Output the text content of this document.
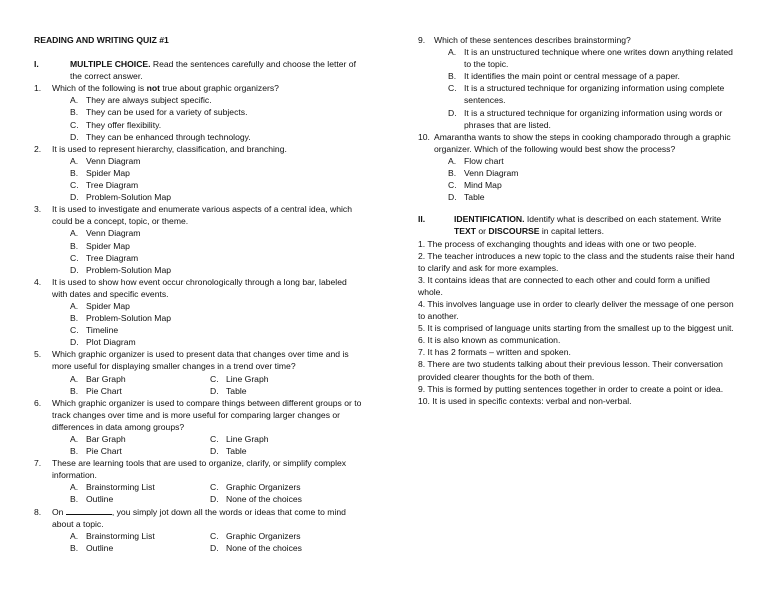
READING AND WRITING QUIZ #1
I.	MULTIPLE CHOICE. Read the sentences carefully and choose the letter of the correct answer.
1.	Which of the following is not true about graphic organizers?
A. They are always subject specific.
B. They can be used for a variety of subjects.
C. They offer flexibility.
D. They can be enhanced through technology.
2.	It is used to represent hierarchy, classification, and branching.
A. Venn Diagram
B. Spider Map
C. Tree Diagram
D. Problem-Solution Map
3.	It is used to investigate and enumerate various aspects of a central idea, which could be a concept, topic, or theme.
A. Venn Diagram
B. Spider Map
C. Tree Diagram
D. Problem-Solution Map
4.	It is used to show how event occur chronologically through a long bar, labeled with dates and specific events.
A. Spider Map
B. Problem-Solution Map
C. Timeline
D. Plot Diagram
5.	Which graphic organizer is used to present data that changes over time and is more useful for displaying smaller changes in a trend over time?
A. Bar Graph	C. Line Graph
B. Pie Chart	D. Table
6.	Which graphic organizer is used to compare things between different groups or to track changes over time and is more useful for comparing larger changes or differences in data among groups?
A. Bar Graph	C. Line Graph
B. Pie Chart	D. Table
7.	These are learning tools that are used to organize, clarify, or simplify complex information.
A. Brainstorming List	C. Graphic Organizers
B. Outline	D. None of the choices
8.	On	, you simply jot down all the words or ideas that come to mind about a topic.
A. Brainstorming List	C. Graphic Organizers
B. Outline	D. None of the choices
9.	Which of these sentences describes brainstorming?
A. It is an unstructured technique where one writes down anything related to the topic.
B. It identifies the main point or central message of a paper.
C. It is a structured technique for organizing information using complete sentences.
D. It is a structured technique for organizing information using words or phrases that are listed.
10. Amarantha wants to show the steps in cooking champorado through a graphic organizer. Which of the following would best show the process?
A. Flow chart
B. Venn Diagram
C. Mind Map
D. Table
II.	IDENTIFICATION. Identify what is described on each statement. Write TEXT or DISCOURSE in capital letters.
1. The process of exchanging thoughts and ideas with one or two people.
2. The teacher introduces a new topic to the class and the students raise their hand to clarify and ask for more examples.
3. It contains ideas that are connected to each other and could form a unified whole.
4. This involves language use in order to clearly deliver the message of one person to another.
5. It is comprised of language units starting from the smallest up to the biggest unit.
6. It is also known as communication.
7. It has 2 formats – written and spoken.
8. There are two students talking about their previous lesson. Their conversation provided clearer thoughts for the both of them.
9. This is formed by putting sentences together in order to create a point or idea.
10. It is used in specific contexts: verbal and non-verbal.
